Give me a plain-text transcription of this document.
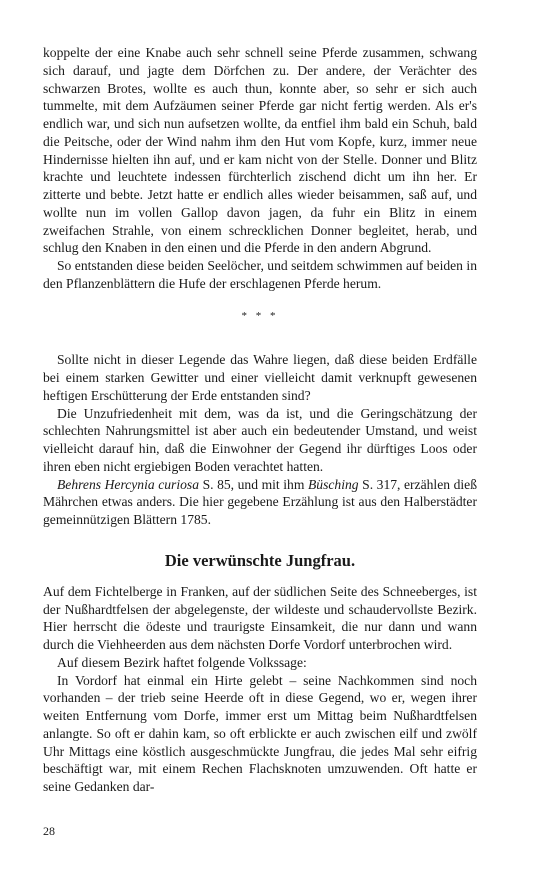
koppelte der eine Knabe auch sehr schnell seine Pferde zusammen, schwang sich darauf, und jagte dem Dörfchen zu. Der andere, der Verächter des schwarzen Brotes, wollte es auch thun, konnte aber, so sehr er sich auch tummelte, mit dem Aufzäumen seiner Pferde gar nicht fertig werden. Als er's endlich war, und sich nun aufsetzen wollte, da entfiel ihm bald ein Schuh, bald die Peitsche, oder der Wind nahm ihm den Hut vom Kopfe, kurz, immer neue Hindernisse hielten ihn auf, und er kam nicht von der Stelle. Donner und Blitz krachte und leuchtete indessen fürchterlich zischend dicht um ihn her. Er zitterte und bebte. Jetzt hatte er endlich alles wieder beisammen, saß auf, und wollte nun im vollen Gallop davon jagen, da fuhr ein Blitz in einem zweifachen Strahle, von einem schrecklichen Donner begleitet, herab, und schlug den Knaben in den einen und die Pferde in den andern Abgrund.

So entstanden diese beiden Seelöcher, und seitdem schwimmen auf beiden in den Pflanzenblättern die Hufe der erschlagenen Pferde herum.

* * *

Sollte nicht in dieser Legende das Wahre liegen, daß diese beiden Erdfälle bei einem starken Gewitter und einer vielleicht damit verknupft gewesenen heftigen Erschütterung der Erde entstanden sind?

Die Unzufriedenheit mit dem, was da ist, und die Geringschätzung der schlechten Nahrungsmittel ist aber auch ein bedeutender Umstand, und weist vielleicht darauf hin, daß die Einwohner der Gegend ihr dürftiges Loos oder ihren eben nicht ergiebigen Boden verachtet hatten.

Behrens Hercynia curiosa S. 85, und mit ihm Büsching S. 317, erzählen dieß Mährchen etwas anders. Die hier gegebene Erzählung ist aus den Halberstädter gemeinnützigen Blättern 1785.

Die verwünschte Jungfrau.

Auf dem Fichtelberge in Franken, auf der südlichen Seite des Schneeberges, ist der Nußhardtfelsen der abgelegenste, der wildeste und schaudervollste Bezirk. Hier herrscht die ödeste und traurigste Einsamkeit, die nur dann und wann durch die Viehheerden aus dem nächsten Dorfe Vordorf unterbrochen wird.

Auf diesem Bezirk haftet folgende Volkssage:

In Vordorf hat einmal ein Hirte gelebt – seine Nachkommen sind noch vorhanden – der trieb seine Heerde oft in diese Gegend, wo er, wegen ihrer weiten Entfernung vom Dorfe, immer erst um Mittag beim Nußhardtfelsen anlangte. So oft er dahin kam, so oft erblickte er auch zwischen eilf und zwölf Uhr Mittags eine köstlich ausgeschmückte Jungfrau, die jedes Mal sehr eifrig beschäftigt war, mit einem Rechen Flachsknoten umzuwenden. Oft hatte er seine Gedanken dar-

28
